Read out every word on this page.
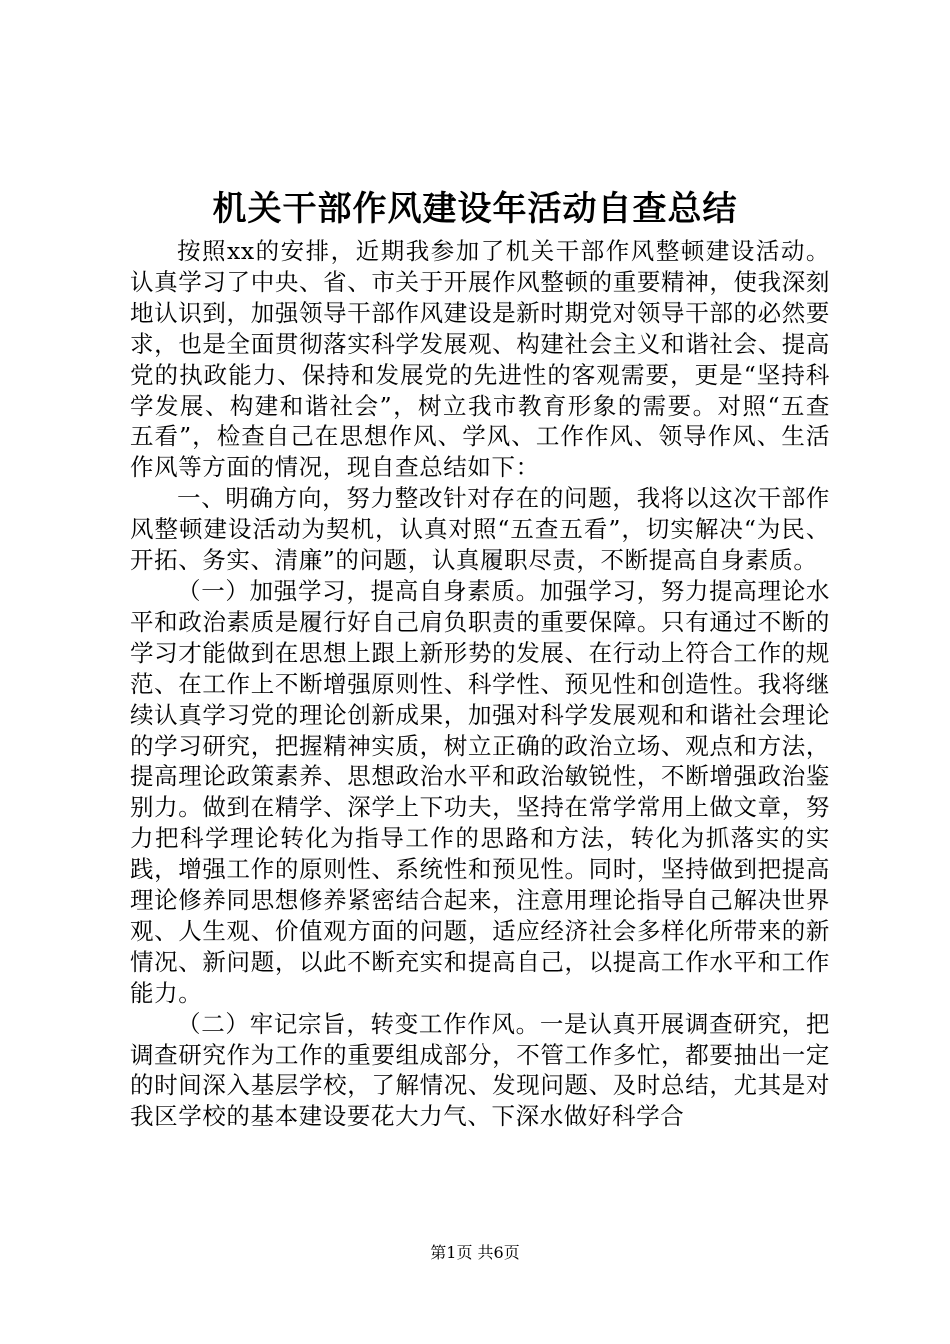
机关干部作风建设年活动自查总结

按照xx的安排，近期我参加了机关干部作风整顿建设活动。认真学习了中央、省、市关于开展作风整顿的重要精神，使我深刻地认识到，加强领导干部作风建设是新时期党对领导干部的必然要求，也是全面贯彻落实科学发展观、构建社会主义和谐社会、提高党的执政能力、保持和发展党的先进性的客观需要，更是“坚持科学发展、构建和谐社会”，树立我市教育形象的需要。对照“五查五看”，检查自己在思想作风、学风、工作作风、领导作风、生活作风等方面的情况，现自查总结如下：

一、明确方向，努力整改针对存在的问题，我将以这次干部作风整顿建设活动为契机，认真对照“五查五看”，切实解决“为民、开拓、务实、清廉”的问题，认真履职尽责，不断提高自身素质。

（一）加强学习，提高自身素质。加强学习，努力提高理论水平和政治素质是履行好自己肩负职责的重要保障。只有通过不断的学习才能做到在思想上跟上新形势的发展、在行动上符合工作的规范、在工作上不断增强原则性、科学性、预见性和创造性。我将继续认真学习党的理论创新成果，加强对科学发展观和和谐社会理论的学习研究，把握精神实质，树立正确的政治立场、观点和方法，提高理论政策素养、思想政治水平和政治敏锐性，不断增强政治鉴别力。做到在精学、深学上下功夫，坚持在常学常用上做文章，努力把科学理论转化为指导工作的思路和方法，转化为抓落实的实践，增强工作的原则性、系统性和预见性。同时，坚持做到把提高理论修养同思想修养紧密结合起来，注意用理论指导自己解决世界观、人生观、价值观方面的问题，适应经济社会多样化所带来的新情况、新问题，以此不断充实和提高自己，以提高工作水平和工作能力。

（二）牢记宗旨，转变工作作风。一是认真开展调查研究，把调查研究作为工作的重要组成部分，不管工作多忙，都要抽出一定的时间深入基层学校，了解情况、发现问题、及时总结，尤其是对我区学校的基本建设要花大力气、下深水做好科学合

第1页 共6页
